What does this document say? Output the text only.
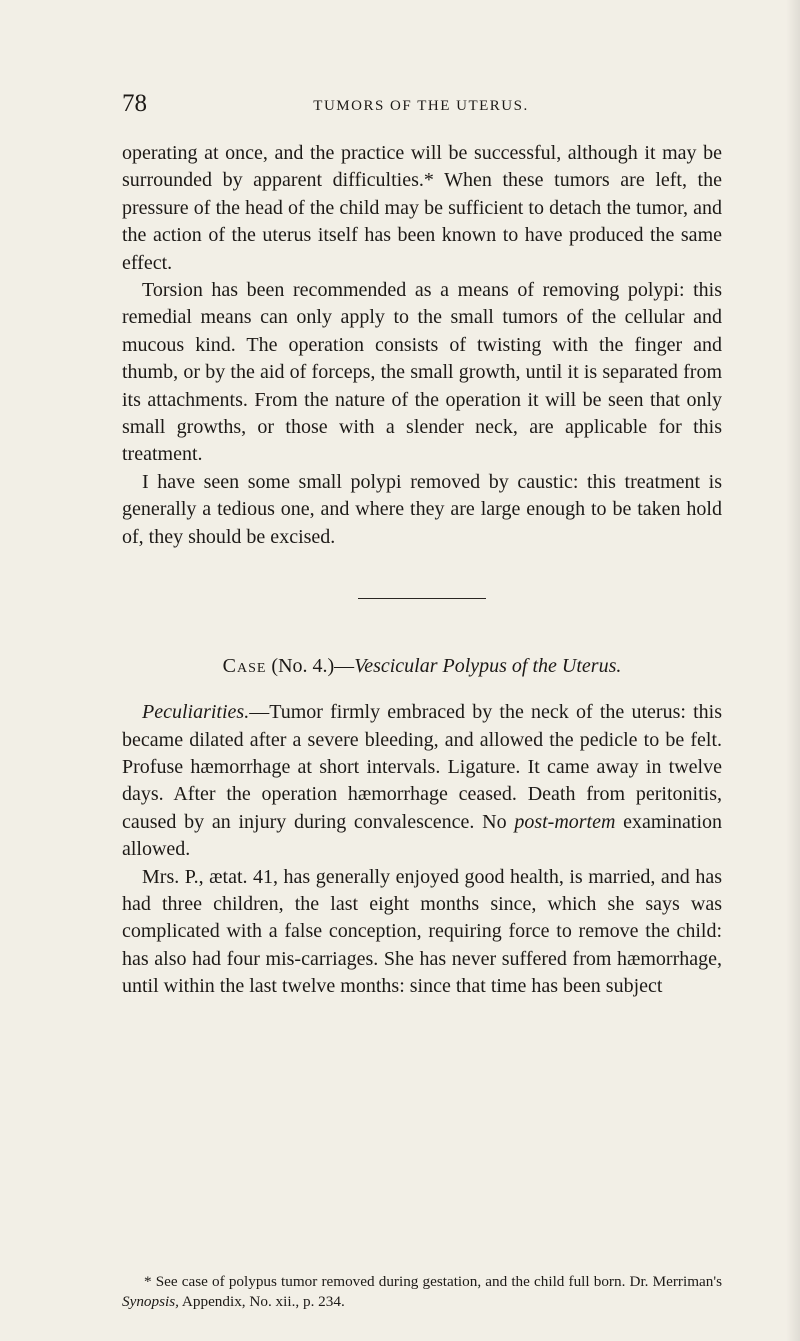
78	TUMORS OF THE UTERUS.

operating at once, and the practice will be successful, although it may be surrounded by apparent difficulties.* When these tumors are left, the pressure of the head of the child may be sufficient to detach the tumor, and the action of the uterus itself has been known to have produced the same effect.

Torsion has been recommended as a means of removing polypi: this remedial means can only apply to the small tumors of the cellular and mucous kind. The operation consists of twisting with the finger and thumb, or by the aid of forceps, the small growth, until it is separated from its attachments. From the nature of the operation it will be seen that only small growths, or those with a slender neck, are applicable for this treatment.

I have seen some small polypi removed by caustic: this treatment is generally a tedious one, and where they are large enough to be taken hold of, they should be excised.

Case (No. 4.)—Vescicular Polypus of the Uterus.

Peculiarities.—Tumor firmly embraced by the neck of the uterus: this became dilated after a severe bleeding, and allowed the pedicle to be felt. Profuse hæmorrhage at short intervals. Ligature. It came away in twelve days. After the operation hæmorrhage ceased. Death from peritonitis, caused by an injury during convalescence. No post-mortem examination allowed.

Mrs. P., ætat. 41, has generally enjoyed good health, is married, and has had three children, the last eight months since, which she says was complicated with a false conception, requiring force to remove the child: has also had four mis-carriages. She has never suffered from hæmorrhage, until within the last twelve months: since that time has been subject

* See case of polypus tumor removed during gestation, and the child full born. Dr. Merriman's Synopsis, Appendix, No. xii., p. 234.
